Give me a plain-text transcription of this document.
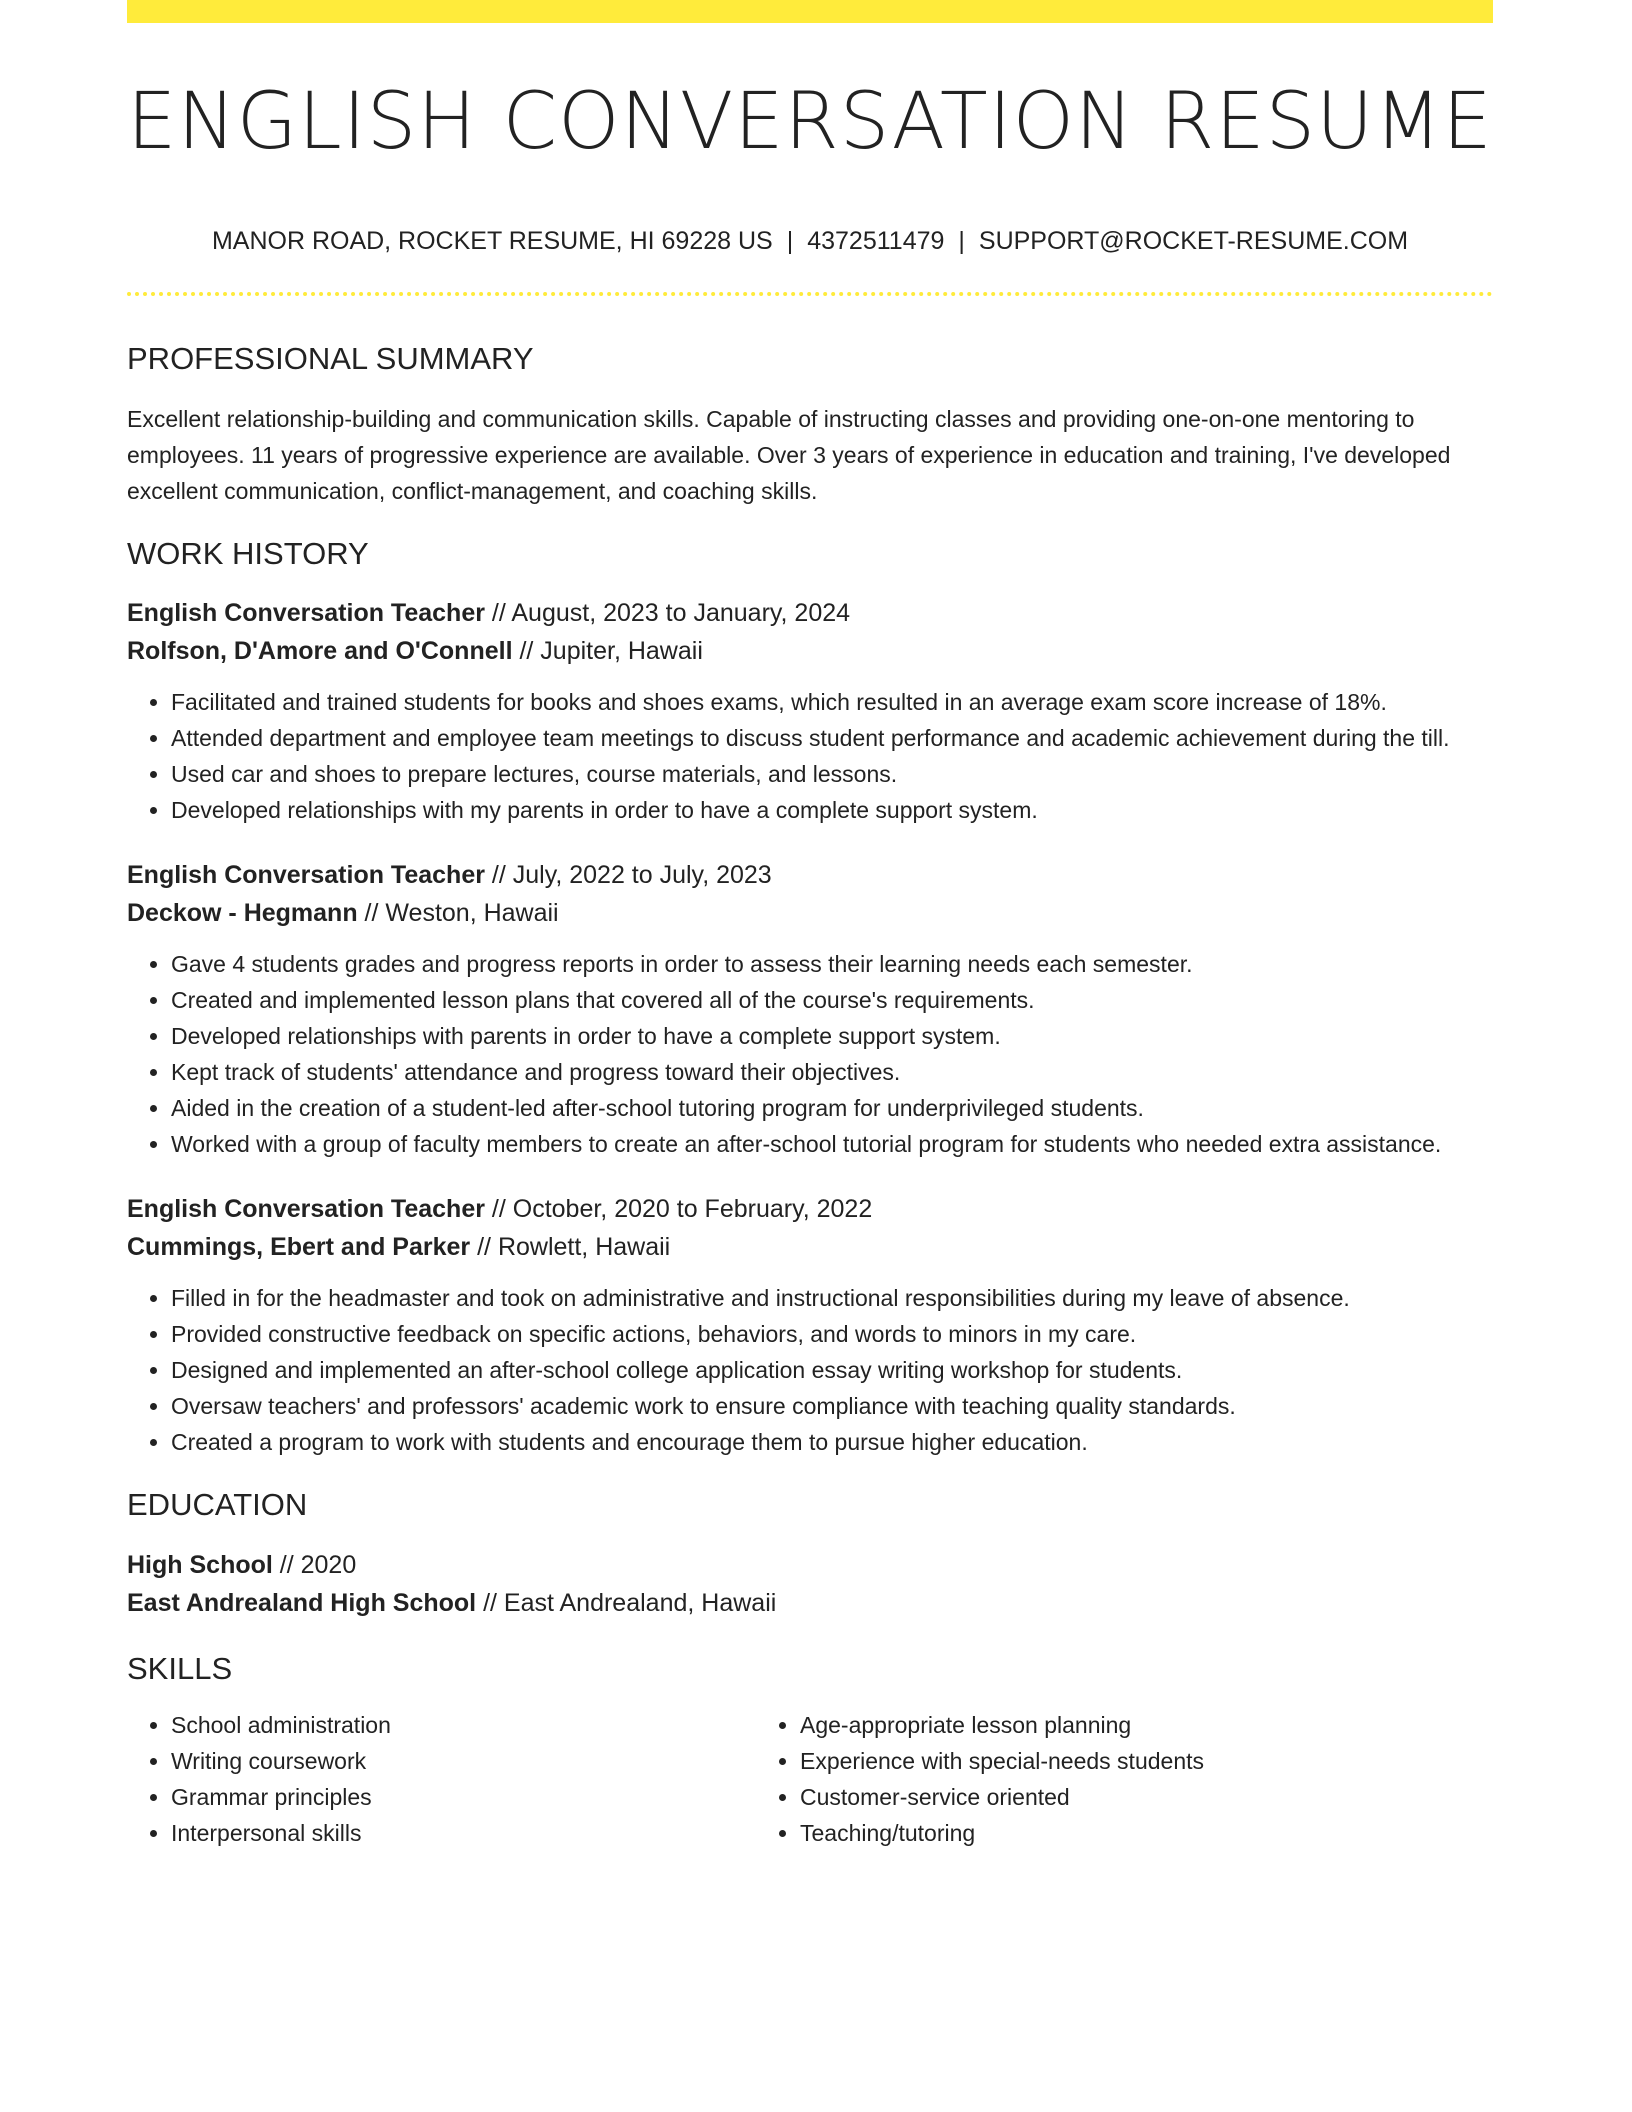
ENGLISH CONVERSATION RESUME
MANOR ROAD, ROCKET RESUME, HI 69228 US | 4372511479 | SUPPORT@ROCKET-RESUME.COM
PROFESSIONAL SUMMARY

Excellent relationship-building and communication skills. Capable of instructing classes and providing one-on-one mentoring to employees. 11 years of progressive experience are available. Over 3 years of experience in education and training, I've developed excellent communication, conflict-management, and coaching skills.

WORK HISTORY
English Conversation Teacher // August, 2023 to January, 2024
Rolfson, D'Amore and O'Connell // Jupiter, Hawaii
• Facilitated and trained students for books and shoes exams, which resulted in an average exam score increase of 18%.
• Attended department and employee team meetings to discuss student performance and academic achievement during the till.
• Used car and shoes to prepare lectures, course materials, and lessons.
• Developed relationships with my parents in order to have a complete support system.
English Conversation Teacher // July, 2022 to July, 2023
Deckow - Hegmann // Weston, Hawaii
• Gave 4 students grades and progress reports in order to assess their learning needs each semester.
• Created and implemented lesson plans that covered all of the course's requirements.
• Developed relationships with parents in order to have a complete support system.
• Kept track of students' attendance and progress toward their objectives.
• Aided in the creation of a student-led after-school tutoring program for underprivileged students.
• Worked with a group of faculty members to create an after-school tutorial program for students who needed extra assistance.
English Conversation Teacher // October, 2020 to February, 2022
Cummings, Ebert and Parker // Rowlett, Hawaii
• Filled in for the headmaster and took on administrative and instructional responsibilities during my leave of absence.
• Provided constructive feedback on specific actions, behaviors, and words to minors in my care.
• Designed and implemented an after-school college application essay writing workshop for students.
• Oversaw teachers' and professors' academic work to ensure compliance with teaching quality standards.
• Created a program to work with students and encourage them to pursue higher education.
EDUCATION
High School // 2020
East Andrealand High School // East Andrealand, Hawaii
SKILLS
• School administration
• Writing coursework
• Grammar principles
• Interpersonal skills
• Age-appropriate lesson planning
• Experience with special-needs students
• Customer-service oriented
• Teaching/tutoring
